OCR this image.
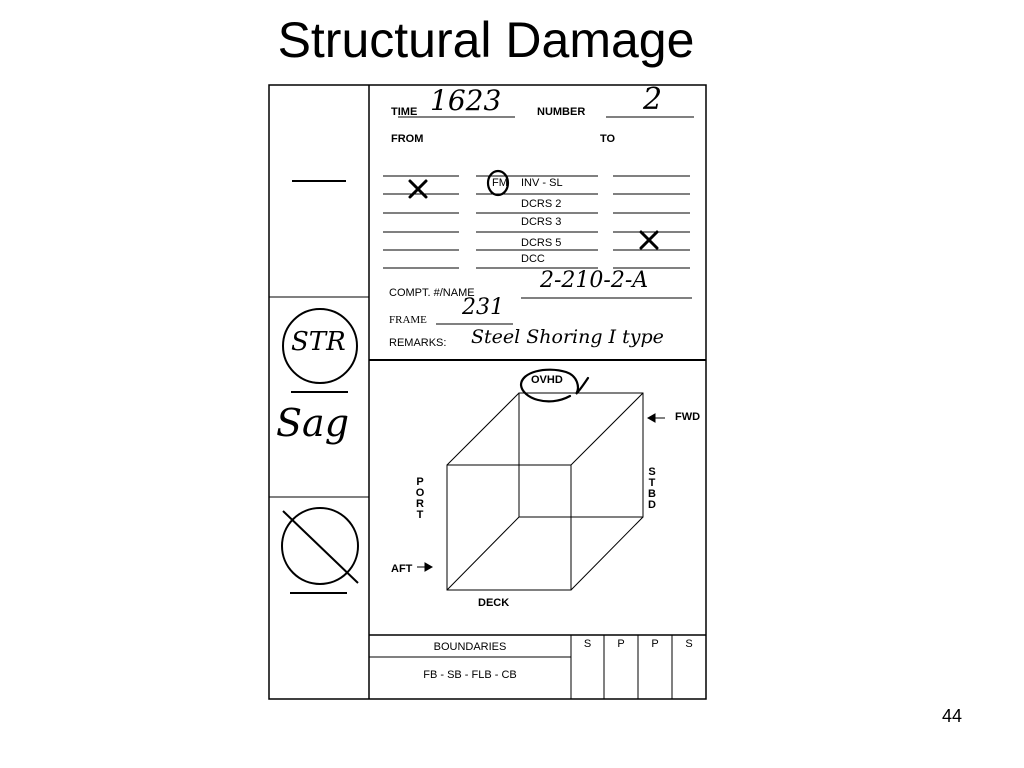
Structural Damage
TIME 1623	NUMBER 2
FROM	TO
FM INV - SL
DCRS 2
DCRS 3
DCRS 5
DCC
COMPT. #/NAME	2-210-2-A
FRAME 231
REMARKS: Steel Shoring I type
OVHD
FWD
P
O
R
T
S
T
B
D
AFT
DECK
BOUNDARIES
FB - SB - FLB - CB
S	P	P	S
STR
Sag
44
